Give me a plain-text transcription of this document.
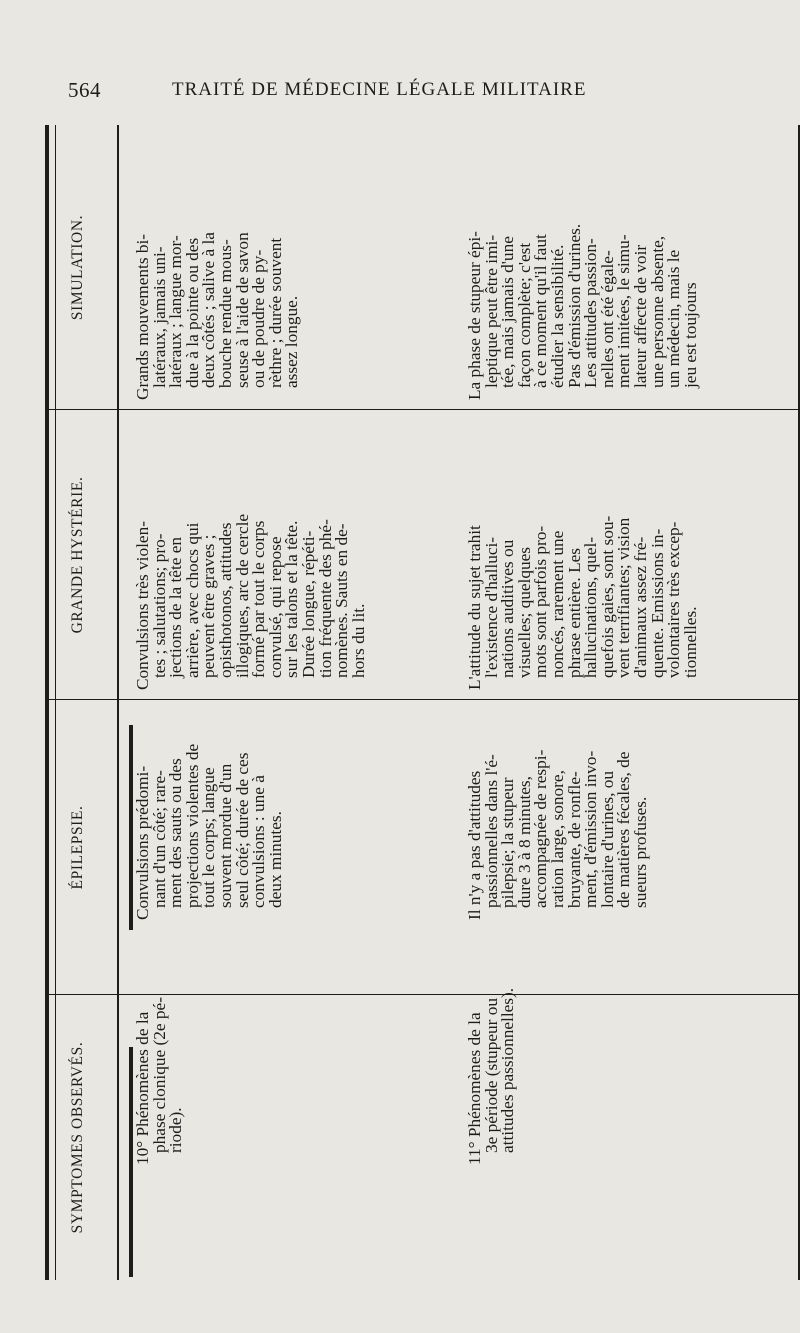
564	TRAITÉ DE MÉDECINE LÉGALE MILITAIRE
SYMPTOMES OBSERVÉS.
ÉPILEPSIE.
GRANDE HYSTÉRIE.
SIMULATION.
10° Phénomènes de la
phase clonique (2e pé-
riode).
Convulsions prédomi-
nant d'un côté; rare-
ment des sauts ou des
projections violentes de
tout le corps; langue
souvent mordue d'un
seul côté; durée de ces
convulsions : une à
deux minutes.
Convulsions très violen-
tes ; salutations; pro-
jections de la tête en
arrière, avec chocs qui
peuvent être graves ;
opisthotonos, attitudes
illogiques, arc de cercle
formé par tout le corps
convulsé, qui repose
sur les talons et la tête.
Durée longue, répéti-
tion fréquente des phé-
nomènes. Sauts en de-
hors du lit.
Grands mouvements bi-
latéraux, jamais uni-
latéraux ; langue mor-
due à la pointe ou des
deux côtés ; salive à la
bouche rendue mous-
seuse à l'aide de savon
ou de poudre de py-
rèthre ; durée souvent
assez longue.
11° Phénomènes de la
3e période (stupeur ou
attitudes passionnelles).
Il n'y a pas d'attitudes
passionnelles dans l'é-
pilepsie; la stupeur
dure 3 à 8 minutes,
accompagnée de respi-
ration large, sonore,
bruyante, de ronfle-
ment, d'émission invo-
lontaire d'urines, ou
de matières fécales, de
sueurs profuses.
L'attitude du sujet trahit
l'existence d'halluci-
nations auditives ou
visuelles; quelques
mots sont parfois pro-
noncés, rarement une
phrase entière. Les
hallucinations, quel-
quefois gaies, sont sou-
vent terrifiantes; vision
d'animaux assez fré-
quente. Emissions in-
volontaires très excep-
tionnelles.
La phase de stupeur épi-
leptique peut être imi-
tée, mais jamais d'une
façon complète; c'est
à ce moment qu'il faut
étudier la sensibilité.
Pas d'émission d'urines.
Les attitudes passion-
nelles ont été égale-
ment imitées, le simu-
lateur affecte de voir
une personne absente,
un médecin, mais le
jeu est toujours
